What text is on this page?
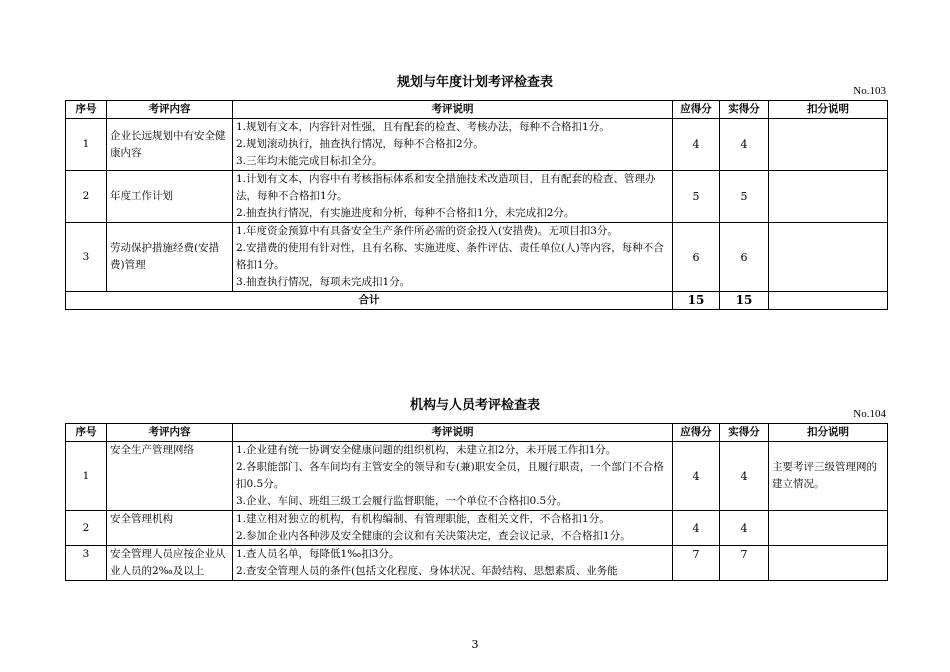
规划与年度计划考评检查表
No.103
序号	考评内容	考评说明	应得分	实得分	扣分说明
1	企业长远规划中有安全健康内容	1.规划有文本，内容针对性强，且有配套的检查、考核办法，每种不合格扣1分。
2.规划滚动执行，抽查执行情况，每种不合格扣2分。
3.三年均未能完成目标扣全分。	4	4	
2	年度工作计划	1.计划有文本，内容中有考核指标体系和安全措施技术改造项目，且有配套的检查、管理办法，每种不合格扣1分。
2.抽查执行情况，有实施进度和分析，每种不合格扣1分，未完成扣2分。	5	5	
3	劳动保护措施经费(安措费)管理	1.年度资金预算中有具备安全生产条件所必需的资金投入(安措费)。无项目扣3分。
2.安措费的使用有针对性，且有名称、实施进度、条件评估、责任单位(人)等内容，每种不合格扣1分。
3.抽查执行情况，每项未完成扣1分。	6	6	
合计			15	15	
机构与人员考评检查表
No.104
序号	考评内容	考评说明	应得分	实得分	扣分说明
1	安全生产管理网络	1.企业建有统一协调安全健康问题的组织机构，未建立扣2分，未开展工作扣1分。
2.各职能部门、各车间均有主管安全的领导和专(兼)职安全员，且履行职责，一个部门不合格扣0.5分。
3.企业、车间、班组三级工会履行监督职能，一个单位不合格扣0.5分。	4	4	主要考评三级管理网的建立情况。
2	安全管理机构	1.建立相对独立的机构，有机构编制、有管理职能，查相关文件，不合格扣1分。
2.参加企业内各种涉及安全健康的会议和有关决策决定，查会议记录，不合格扣1分。	4	4	
3	安全管理人员应按企业从业人员的2‰及以上	1.查人员名单，每降低1‰扣3分。
2.查安全管理人员的条件(包括文化程度、身体状况、年龄结构、思想素质、业务能	7	7	
3
